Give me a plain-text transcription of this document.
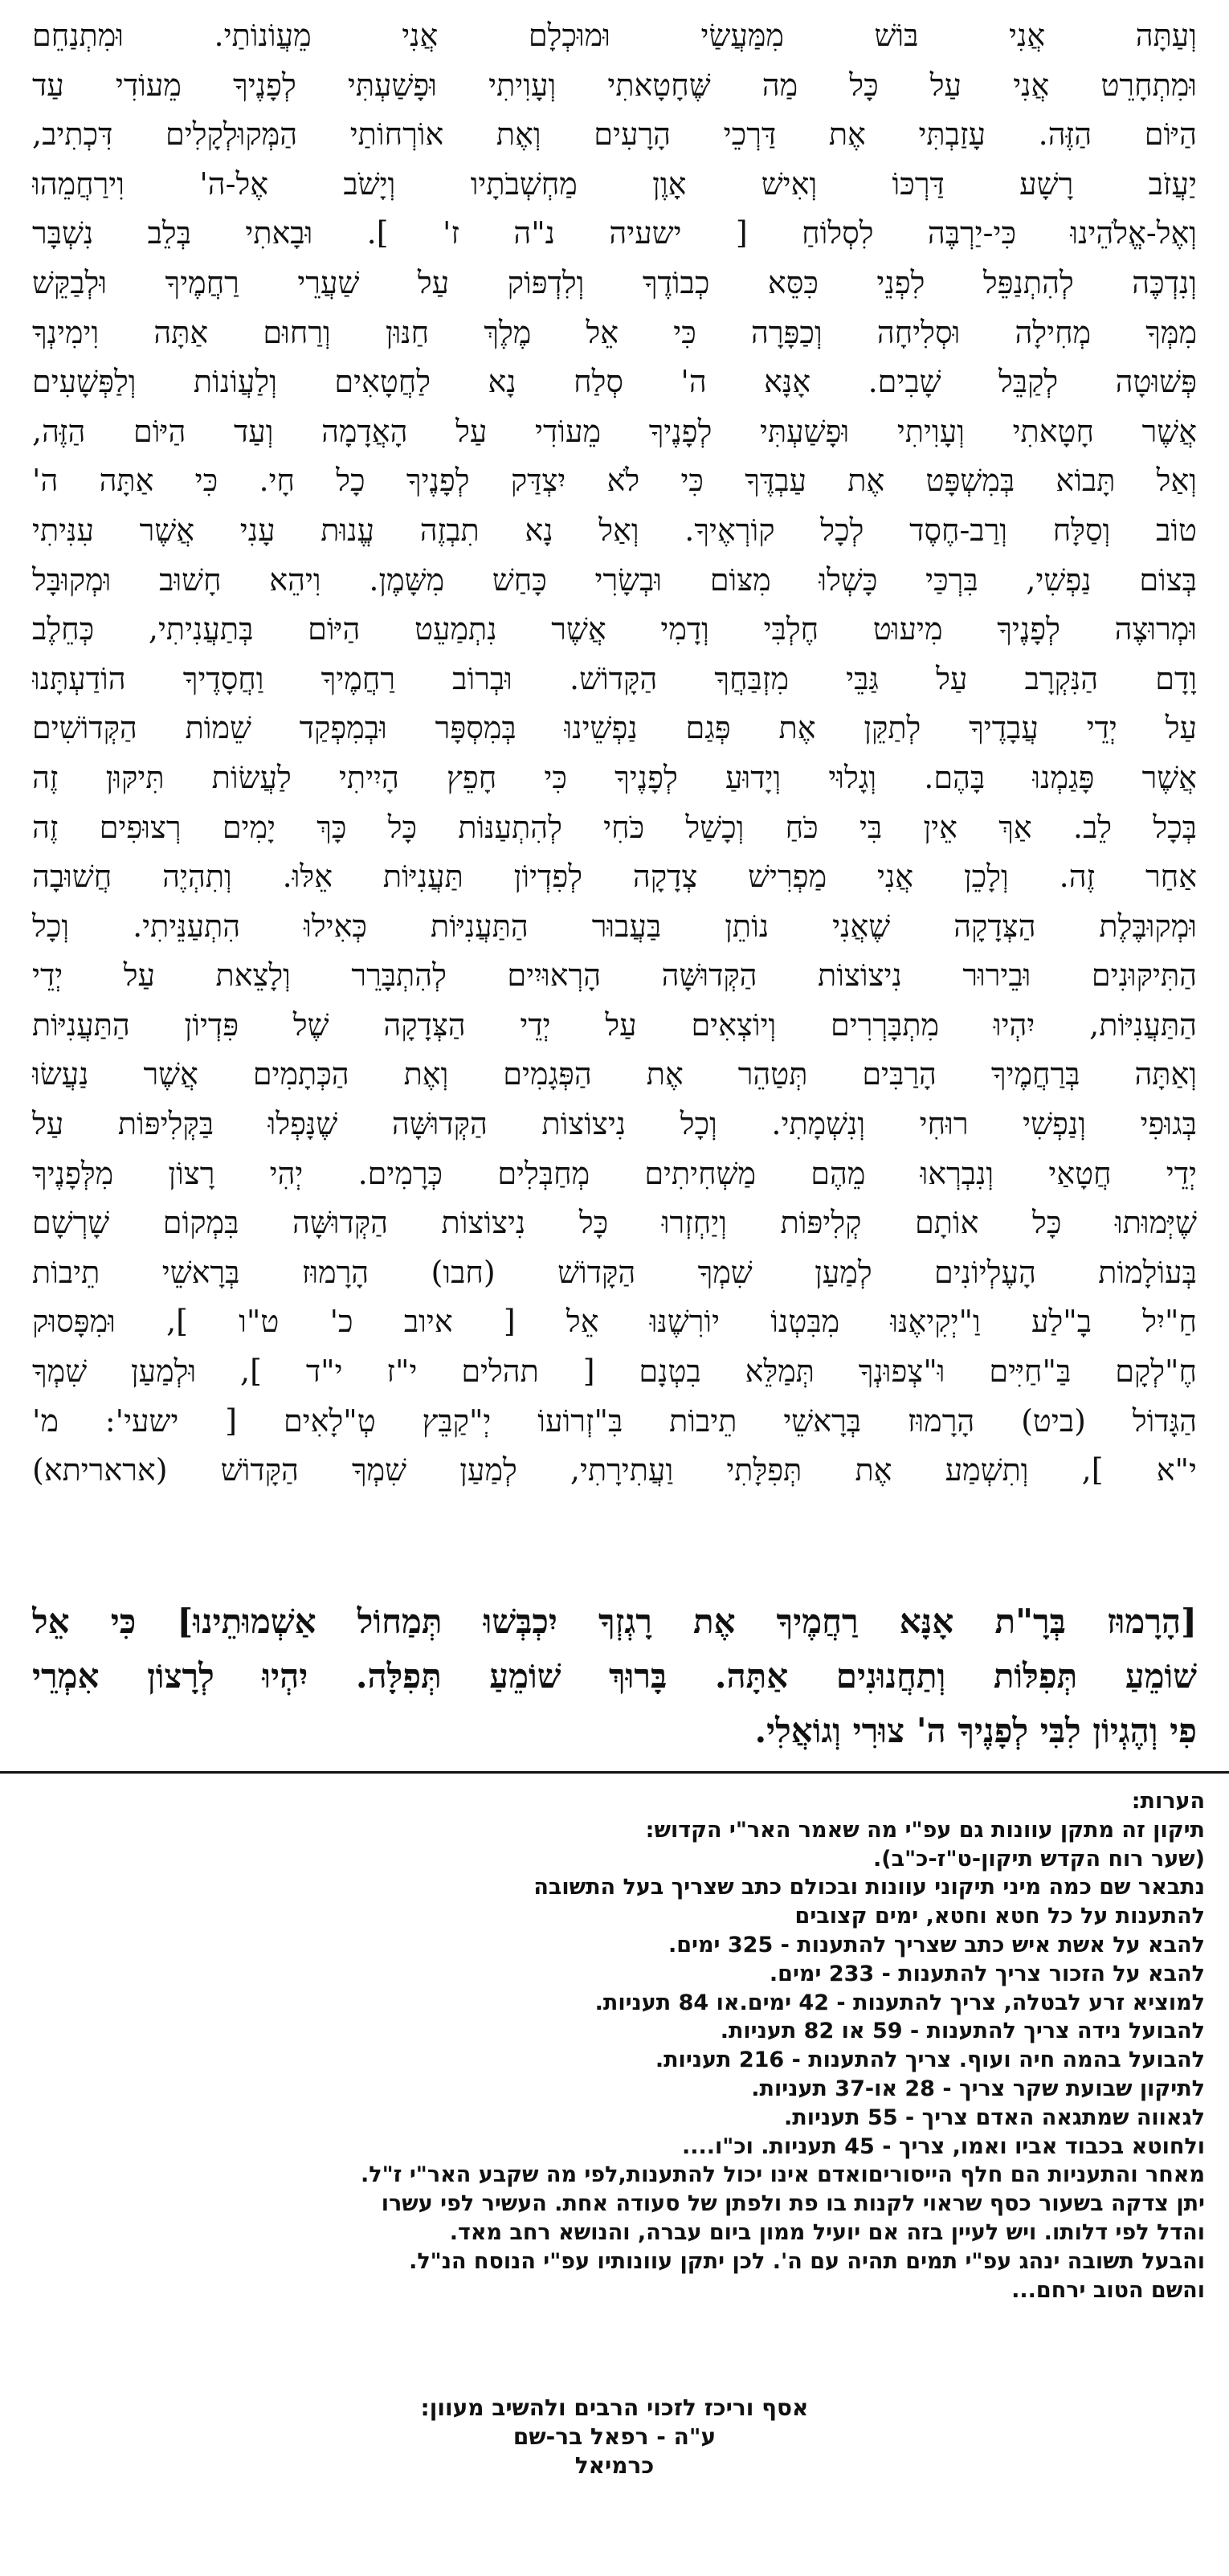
וְעַתָּה אֲנִי בּוֹשׁ מִמַּעֲשַׂי וּמוּכְלָם אֲנִי מֵעֲוֹנוֹתַי. וּמִתְנַחֵם
וּמִתְחָרֵט אֲנִי עַל כָּל מַה שֶּׁחָטָאתִי וְעָוִיתִי וּפָשַׁעְתִּי לְפָנֶיךָ מֵעוֹדִי עַד
הַיּוֹם הַזֶּה. עָזַבְתִּי אֶת דַּרְכֵי הָרָעִים וְאֶת אוֹרְחוֹתַי הַמְּקוּלְקָלִים דִּכְתִיב,
יַעֲזֹב רָשָׁע דַּרְכּוֹ וְאִישׁ אָוֶן מַחְשְׁבֹתָיו וְיָשֹׁב אֶל-ה' וִירַחֲמֵהוּ
וְאֶל-אֱלֹהֵינוּ כִּי-יַרְבֶּה לִסְלוֹחַ [ ישעיה נ"ה ז' ]. וּבָאתִי בְּלֵב נִשְׁבָּר
וְנִדְכֶּה לְהִתְנַפֵּל לִפְנֵי כִּסֵּא כְבוֹדֶךָ וְלִדְפּוֹק עַל שַׁעֲרֵי רַחֲמֶיךָ וּלְבַקֵּשׁ
מִמְּךָ מְחִילָה וּסְלִיחָה וְכַפָּרָה כִּי אֵל מֶלֶךְ חַנּוּן וְרַחוּם אַתָּה וִימִינְךָ
פְּשׁוּטָה לְקַבֵּל שָׁבִים. אָנָּא ה' סְלַח נָא לַחֲטָאִים וְלַעֲוֹנוֹת וְלַפְּשָׁעִים
אֲשֶׁר חָטָאתִי וְעָוִיתִי וּפָשַׁעְתִּי לְפָנֶיךָ מֵעוֹדִי עַל הָאֲדָמָה וְעַד הַיּוֹם הַזֶּה,
וְאַל תָּבוֹא בְּמִשְׁפָּט אֶת עַבְדֶּךָ כִּי לֹא יִצְדַּק לְפָנֶיךָ כָל חָי. כִּי אַתָּה ה'
טוֹב וְסַלָּח וְרַב-חֶסֶד לְכָל קוֹרְאֶיךָ. וְאַל נָא תִבְזֶה עֱנוּת עָנִי אֲשֶׁר עִנִּיתִי
בְּצוֹם נַפְשִׁי, בִּרְכַּי כָּשְׁלוּ מִצּוֹם וּבְשָׂרִי כָּחַשׁ מִשָּׁמֶן. וִיהֵא חָשׁוּב וּמְקוּבָּל
וּמְרוּצֶה לְפָנֶיךָ מִיעוּט חֶלְבִּי וְדָמִי אֲשֶׁר נִתְמַעֵט הַיּוֹם בְּתַעֲנִיתִי, כְּחֵלֶב
וָדָם הַנִּקְרָב עַל גַּבֵּי מִזְבַּחֲךָ הַקָּדוֹשׁ. וּבְרוֹב רַחֲמֶיךָ וַחֲסָדֶיךָ הוֹדַעְתָּנוּ
עַל יְדֵי עֲבָדֶיךָ לְתַקֵּן אֶת פְּגַם נַפְשֵׁינוּ בְּמִסְפָּר וּבְמִפְקַד שֵׁמוֹת הַקְּדוֹשִׁים
אֲשֶׁר פָּגַמְנוּ בָּהֶם. וְגָלוּי וְיָדוּעַ לְפָנֶיךָ כִּי חָפֵץ הָיִיתִי לַעֲשׂוֹת תִּיקּוּן זֶה
בְּכָל לֵב. אַךְ אֵין בִּי כֹּחַ וְכָשַׁל כֹּחִי לְהִתְעַנּוֹת כָּל כָּךְ יָמִים רְצוּפִים זֶה
אַחַר זֶה. וְלָכֵן אֲנִי מַפְרִישׁ צְדָקָה לְפִדְיוֹן תַּעֲנִיּוֹת אֵלּוּ. וְתִהְיֶה חֲשׁוּבָה
וּמְקוּבֶּלֶת הַצְּדָקָה שֶׁאֲנִי נוֹתֵן בַּעֲבוּר הַתַּעֲנִיּוֹת כְּאִילוּ הִתְעַנֵּיתִי. וְכָל
הַתִּיקּוּנִים וּבֵירוּר נִיצוֹצוֹת הַקְּדוּשָּׁה הָרְאוּיִים לְהִתְבָּרֵר וְלָצֵאת עַל יְדֵי
הַתַּעֲנִיּוֹת, יִהְיוּ מִתְבָּרְרִים וְיוֹצְאִים עַל יְדֵי הַצְּדָקָה שֶׁל פִּדְיוֹן הַתַּעֲנִיּוֹת
וְאַתָּה בְּרַחֲמֶיךָ הָרַבִּים תְּטַהֵר אֶת הַפְּגָמִים וְאֶת הַכְּתָמִים אֲשֶׁר נַעֲשׂוּ
בְּגוּפִי וְנַפְשִׁי רוּחִי וְנִשְׁמָתִי. וְכָל נִיצוֹצוֹת הַקְּדוּשָּׁה שֶׁנָּפְלוּ בַּקְּלִיפּוֹת עַל
יְדֵי חֲטָאַי וְנִבְרְאוּ מֵהֶם מַשְׁחִיתִים מְחַבְּלִים כְּרָמִים. יְהִי רָצוֹן מִלְּפָנֶיךָ
שֶׁיְּמוּתוּ כָּל אוֹתָם קְלִיפּוֹת וְיַחְזְרוּ כָּל נִיצוֹצוֹת הַקְּדוּשָּׁה בִּמְקוֹם שָׁרְשָׁם
בְּעוֹלָמוֹת הָעֶלְיוֹנִים לְמַעַן שִׁמְךָ הַקָּדוֹשׁ (חבו) הָרָמוּז בְּרָאשֵׁי תֵיבוֹת
חַ"יִל בָ"לַע וַ"יְקִיאֶנּוּ מִבִּטְנוֹ יוֹרִשֶׁנּוּ אֵל [ איוב כ' ט"ו ], וּמִפָּסוּק
חֶ"לְקָם בַּ"חַיִּים וּ"צְפוּנְךָ תְּמַלֵּא בִטְנָם [ תהלים י"ז י"ד ], וּלְמַעַן שִׁמְךָ
הַגָּדוֹל (ביט) הָרָמוּז בְּרָאשֵׁי תֵיבוֹת בִּ"זְרוֹעוֹ יְ"קַבֵּץ טְ"לָאִים [ ישעי': מ'
י"א ], וְתִשְׁמַע אֶת תְּפִלָּתִי וַעֲתִירָתִי, לְמַעַן שִׁמְךָ הַקָּדוֹשׁ (אראריתא)
[הָרָמוּז בְּרָ"ת אָנָּא רַחֲמֶיךָ אֶת רָגְזְךָ יִכְבְּשׁוּ תְּמַחוֹל אַשְׁמוּתֵינוּ] כִּי אֵל
שׁוֹמֵעַ תְּפִלּוֹת וְתַחֲנוּנִים אַתָּה. בָּרוּךְ שׁוֹמֵעַ תְּפִלָּה. יִהְיוּ לְרָצוֹן אִמְרֵי
פִי וְהֶגְיוֹן לִבִּי לְפָנֶיךָ ה' צוּרִי וְגוֹאֲלִי.
הערות:
תיקון זה מתקן עוונות גם עפ"י מה שאמר האר"י הקדוש:
(שער רוח הקדש תיקון-ט"ז-כ"ב).
נתבאר שם כמה מיני תיקוני עוונות ובכולם כתב שצריך בעל התשובה
להתענות על כל חטא וחטא, ימים קצובים
להבא על אשת איש כתב שצריך להתענות - 325 ימים.
להבא על הזכור צריך להתענות - 233 ימים.
למוציא זרע לבטלה, צריך להתענות - 42 ימים.או 84 תעניות.
להבועל נידה צריך להתענות - 59 או 82 תעניות.
להבועל בהמה חיה ועוף. צריך להתענות - 216 תעניות.
לתיקון שבועת שקר צריך - 28 או-37 תעניות.
לגאווה שמתגאה האדם צריך - 55 תעניות.
ולחוטא בכבוד אביו ואמו, צריך - 45 תעניות. וכ"ו....
מאחר והתעניות הם חלף הייסוריםואדם אינו יכול להתענות,לפי מה שקבע האר"י ז"ל.
יתן צדקה בשעור כסף שראוי לקנות בו פת ולפתן של סעודה אחת. העשיר לפי עשרו
והדל לפי דלותו. ויש לעיין בזה אם יועיל ממון ביום עברה, והנושא רחב מאד.
והבעל תשובה ינהג עפ"י תמים תהיה עם ה'. לכן יתקן עוונותיו עפ"י הנוסח הנ"ל.
והשם הטוב ירחם...
אסף וריכז לזכוי הרבים ולהשיב מעוון:
ע"ה - רפאל בר-שם
כרמיאל
